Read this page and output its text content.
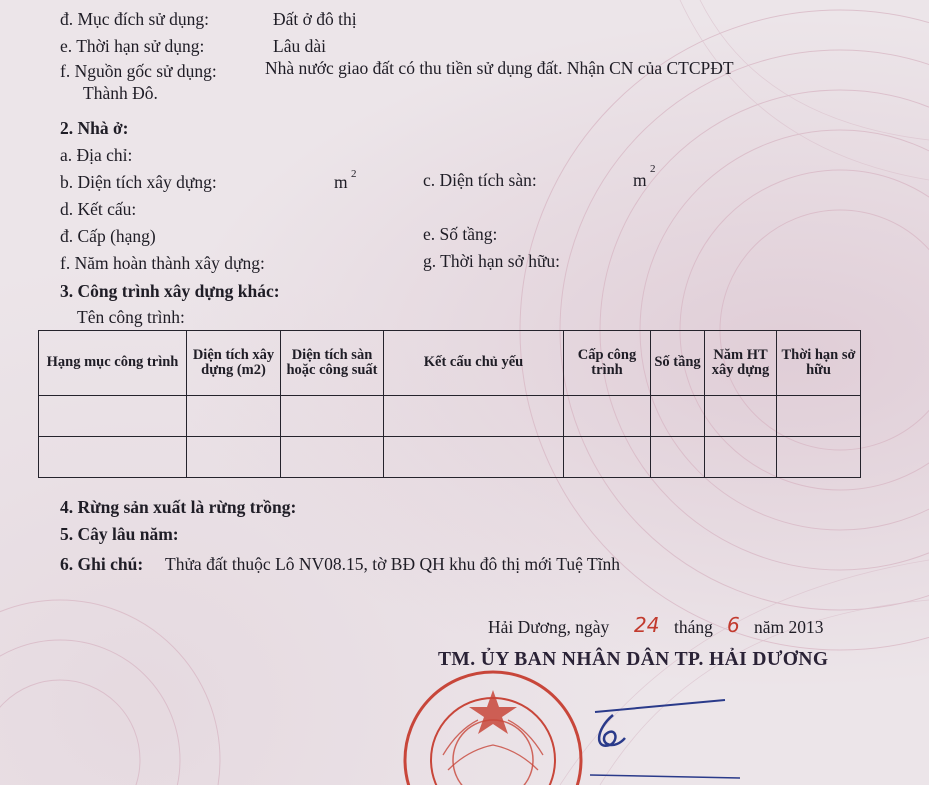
đ. Mục đích sử dụng:	Đất ở đô thị
e. Thời hạn sử dụng:	Lâu dài
f. Nguồn gốc sử dụng:	Nhà nước giao đất có thu tiền sử dụng đất. Nhận CN của CTCPĐT
Thành Đô.
2. Nhà ở:
a. Địa chỉ:
b. Diện tích xây dựng:	m 2	c. Diện tích sàn:	m
2
d. Kết cấu:
đ. Cấp (hạng)	e. Số tầng:
f. Năm hoàn thành xây dựng:	g. Thời hạn sở hữu:
3. Công trình xây dựng khác:
Tên công trình:
Hạng mục công trình	Diện tích xây dựng (m2)	Diện tích sàn hoặc công suất	Kết cấu chủ yếu	Cấp công trình	Số tầng	Năm HT xây dựng	Thời hạn sở hữu

4. Rừng sản xuất là rừng trồng:
5. Cây lâu năm:
6. Ghi chú: Thửa đất thuộc Lô NV08.15, tờ BĐ QH khu đô thị mới Tuệ Tĩnh
Hải Dương, ngày 24 tháng 6 năm 2013
TM. ỦY BAN NHÂN DÂN TP. HẢI DƯƠNG
